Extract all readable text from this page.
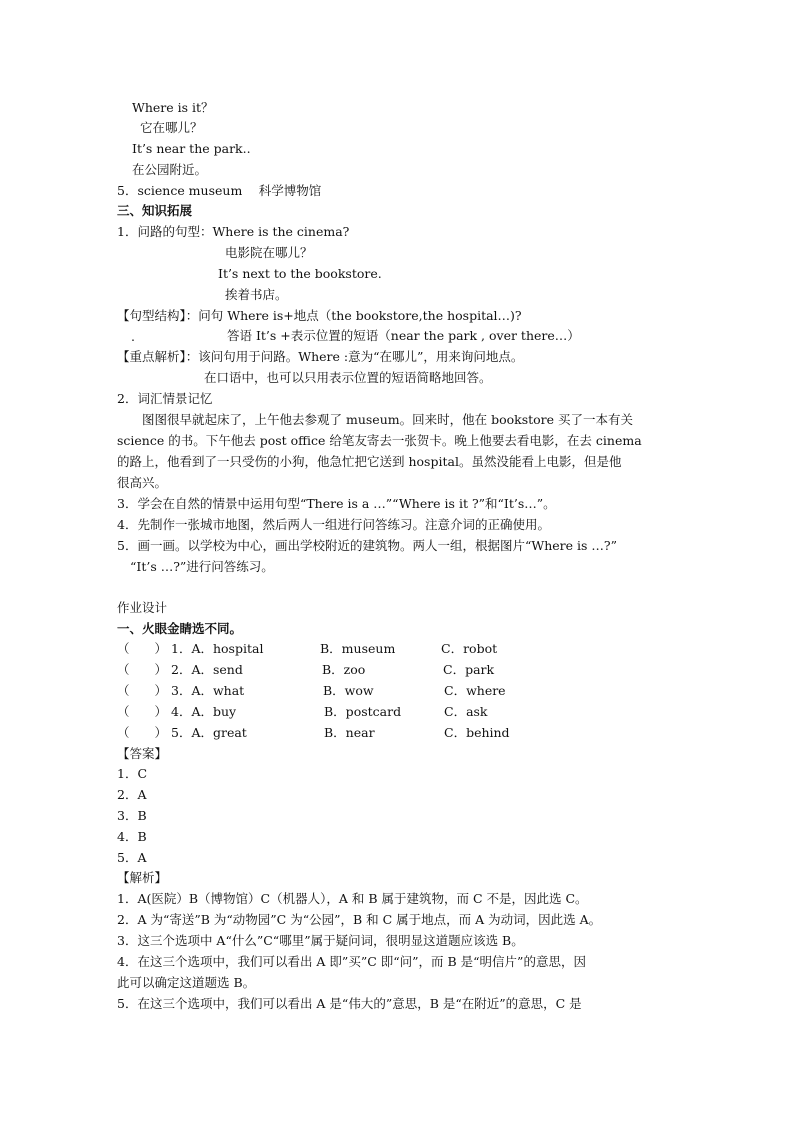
Where is it？
它在哪儿？
It’s near the park..
在公园附近。
5．science museum　 科学博物馆
三、知识拓展
1．问路的句型：Where is the cinema?
电影院在哪儿？
It’s next to the bookstore.
挨着书店。
【句型结构】：问句 Where is+地点（the bookstore,the hospital…)?
.	答语 It’s +表示位置的短语（near the park , over there…）
【重点解析】：该问句用于问路。Where :意为“在哪儿”，用来询问地点。
在口语中，也可以只用表示位置的短语简略地回答。
2．词汇情景记忆
图图很早就起床了，上午他去参观了 museum。回来时，他在 bookstore 买了一本有关
science 的书。下午他去 post office 给笔友寄去一张贺卡。晚上他要去看电影，在去 cinema
的路上，他看到了一只受伤的小狗，他急忙把它送到 hospital。虽然没能看上电影，但是他
很高兴。
3．学会在自然的情景中运用句型“There is a …”“Where is it ?”和“It’s…”。
4．先制作一张城市地图，然后两人一组进行问答练习。注意介词的正确使用。
5．画一画。以学校为中心，画出学校附近的建筑物。两人一组，根据图片“Where is …?”
“It’s …?”进行问答练习。
作业设计
一、火眼金睛选不同。
（　　） 1．A．hospital	B．museum	C．robot
（　　） 2．A．send	B．zoo	C．park
（　　） 3．A．what	B．wow	C．where
（　　） 4．A．buy	B．postcard	C．ask
（　　） 5．A．great	B．near	C．behind
【答案】
1．C
2．A
3．B
4．B
5．A
【解析】
1．A(医院）B（博物馆）C（机器人），A 和 B 属于建筑物，而 C 不是，因此选 C。
2．A 为“寄送”B 为“动物园”C 为“公园”，B 和 C 属于地点，而 A 为动词，因此选 A。
3．这三个选项中 A“什么”C“哪里”属于疑问词，很明显这道题应该选 B。
4．在这三个选项中，我们可以看出 A 即”买”C 即“问”，而 B 是“明信片”的意思，因
此可以确定这道题选 B。
5．在这三个选项中，我们可以看出 A 是“伟大的”意思，B 是“在附近”的意思，C 是
